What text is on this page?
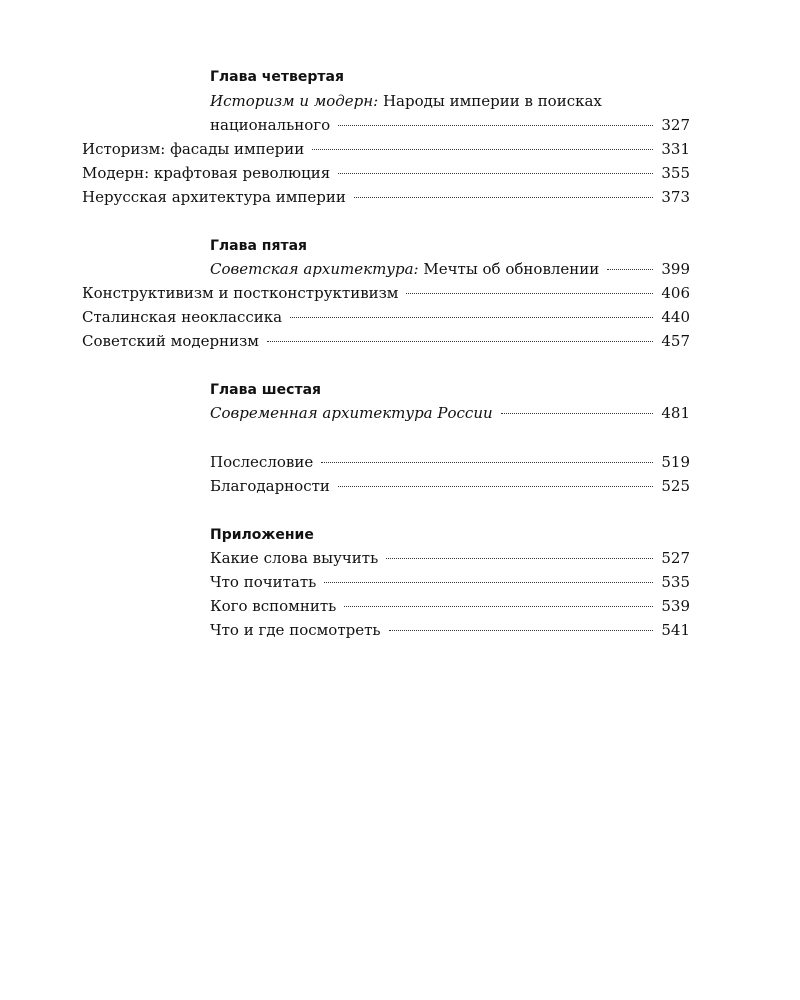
Глава четвертая
Историзм и модерн: Народы империи в поисках
национального	327
Историзм: фасады империи	331
Модерн: крафтовая революция	355
Нерусская архитектура империи	373
Глава пятая
Советская архитектура: Мечты об обновлении	399
Конструктивизм и постконструктивизм	406
Сталинская неоклассика	440
Советский модернизм	457
Глава шестая
Современная архитектура России	481
Послесловие	519
Благодарности	525
Приложение
Какие слова выучить	527
Что почитать	535
Кого вспомнить	539
Что и где посмотреть	541
